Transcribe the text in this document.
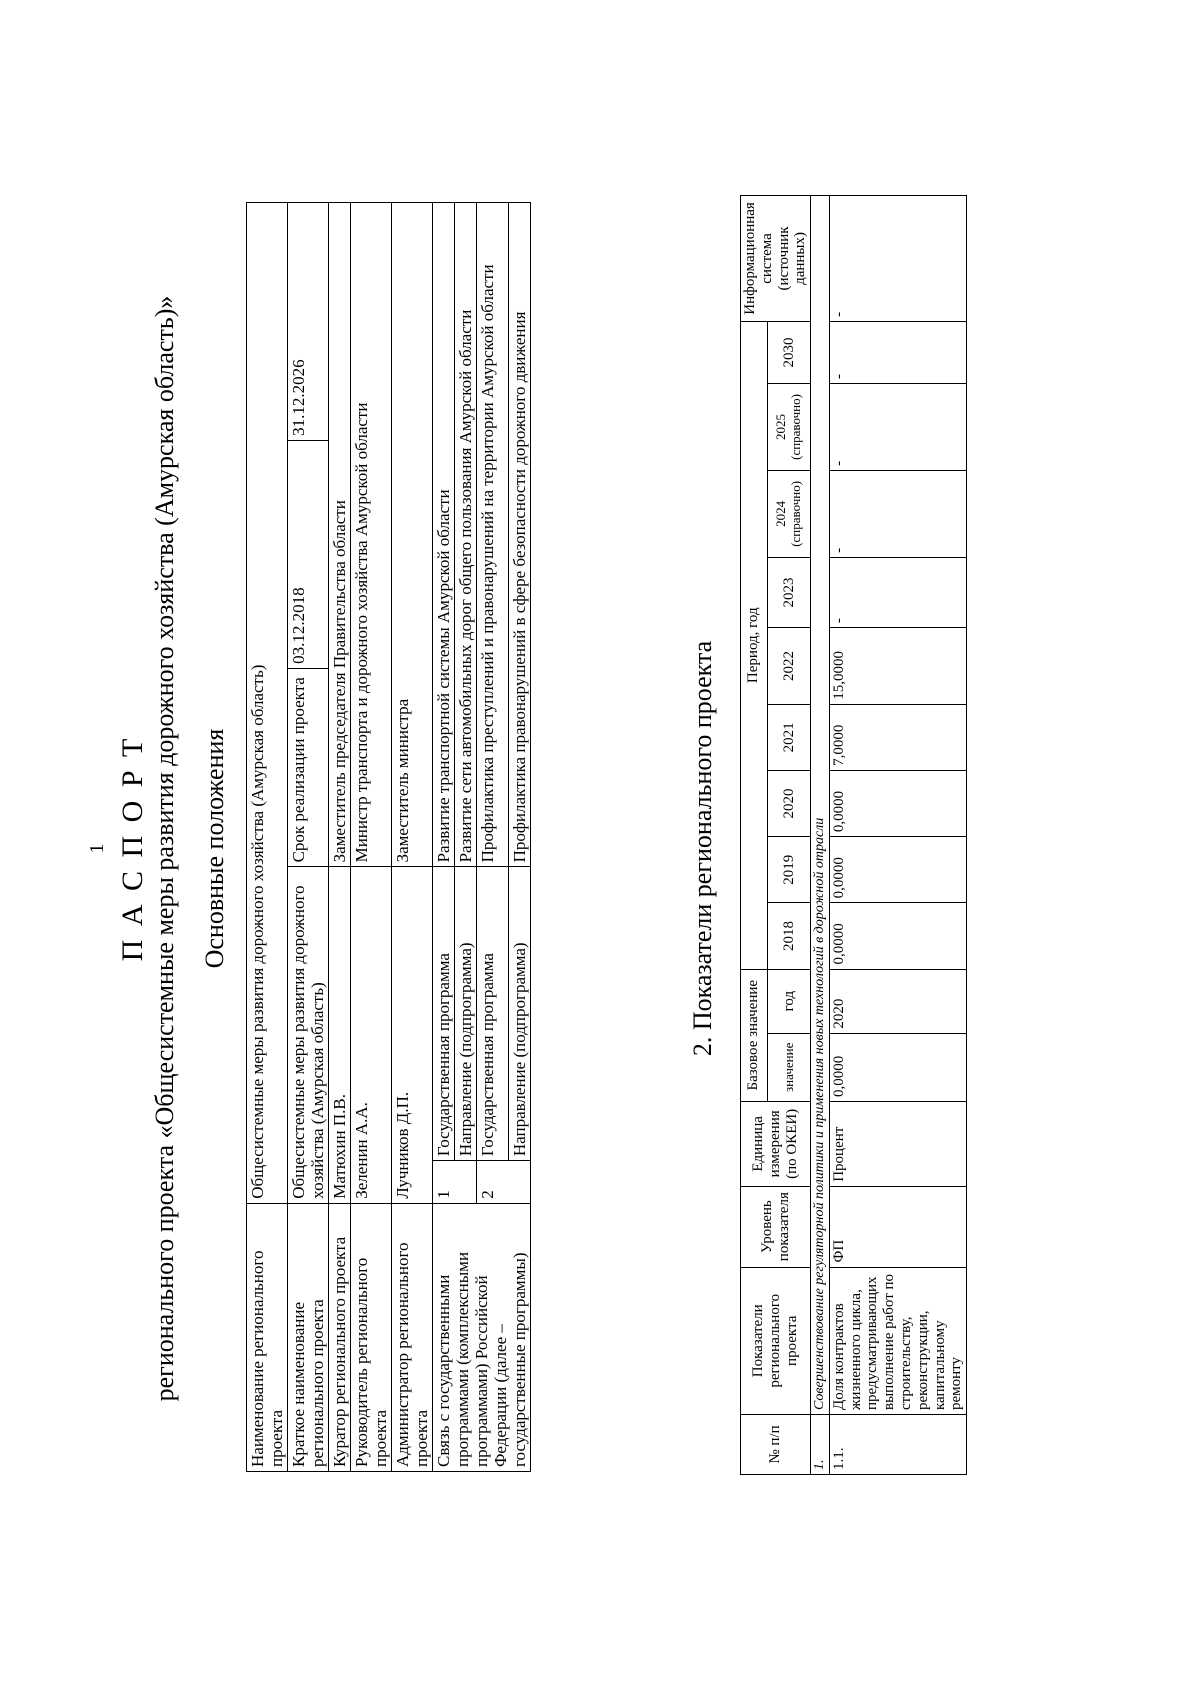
1 П А С П О Р Т регионального проекта «Общесистемные меры развития дорожного хозяйства (Амурская область)» Основные положения
Наименование регионального проекта	Общесистемные меры развития дорожного хозяйства (Амурская область)				
Краткое наименование регионального проекта	Общесистемные меры развития дорожного хозяйства (Амурская область)		Срок реализации проекта	03.12.2018	31.12.2026
Куратор регионального проекта	Матюхин П.В.		Заместитель председателя Правительства области		
Руководитель регионального проекта	Зеленин А.А.		Министр транспорта и дорожного хозяйства Амурской области		
Администратор регионального проекта	Лучников Д.П.		Заместитель министра		
Связь с государственными программами (комплексными программами) Российской Федерации (далее – государственные программы)	1	Государственная программа	Развитие транспортной системы Амурской области		
		Направление (подпрограмма)	Развитие сети автомобильных дорог общего пользования Амурской области		
	2	Государственная программа	Профилактика преступлений и правонарушений на территории Амурской области		
		Направление (подпрограмма)	Профилактика правонарушений в сфере безопасности дорожного движения			2. Показатели регионального проекта
№ п/п	Показатели регионального проекта	Уровень показателя	Единица измерения (по ОКЕИ)	Базовое значение		Период, год									Информационная система (источник данных)
				значение	год	2018	2019	2020	2021	2022	2023	2024 (справочно)	2025 (справочно)	2030	
1.	Совершенствование регуляторной политики и применения новых технологий в дорожной отрасли														
1.1.	Доля контрактов жизненного цикла, предусматривающих выполнение работ по строительству, реконструкции, капитальному ремонту	ФП	Процент	0,0000	2020	0,0000	0,0000	0,0000	7,0000	15,0000	-	-	-	-	-
